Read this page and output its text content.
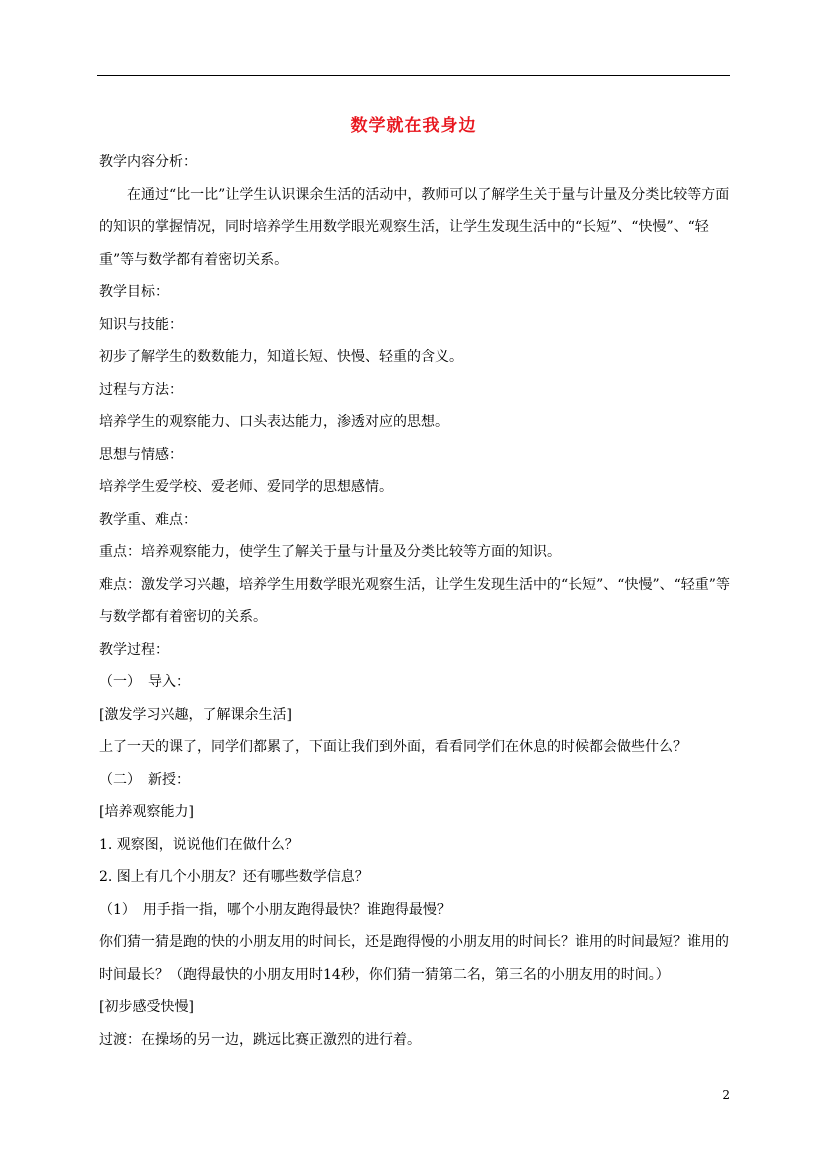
数学就在我身边

教学内容分析：

在通过“比一比”让学生认识课余生活的活动中，教师可以了解学生关于量与计量及分类比较等方面的知识的掌握情况，同时培养学生用数学眼光观察生活，让学生发现生活中的“长短”、“快慢”、“轻重”等与数学都有着密切关系。

教学目标：

知识与技能：

初步了解学生的数数能力，知道长短、快慢、轻重的含义。

过程与方法：

培养学生的观察能力、口头表达能力，渗透对应的思想。

思想与情感：

培养学生爱学校、爱老师、爱同学的思想感情。

教学重、难点：

重点：培养观察能力，使学生了解关于量与计量及分类比较等方面的知识。

难点：激发学习兴趣，培养学生用数学眼光观察生活，让学生发现生活中的“长短”、“快慢”、“轻重”等与数学都有着密切的关系。

教学过程：

（一）　导入：

[激发学习兴趣，了解课余生活]

上了一天的课了，同学们都累了，下面让我们到外面，看看同学们在休息的时候都会做些什么？

（二）　新授：

[培养观察能力]

1. 观察图，说说他们在做什么？

2. 图上有几个小朋友？还有哪些数学信息？

（1）　用手指一指，哪个小朋友跑得最快？谁跑得最慢？

你们猜一猜是跑的快的小朋友用的时间长，还是跑得慢的小朋友用的时间长？谁用的时间最短？谁用的时间最长？（跑得最快的小朋友用时14秒，你们猜一猜第二名，第三名的小朋友用的时间。）

[初步感受快慢]

过渡：在操场的另一边，跳远比赛正激烈的进行着。

2
